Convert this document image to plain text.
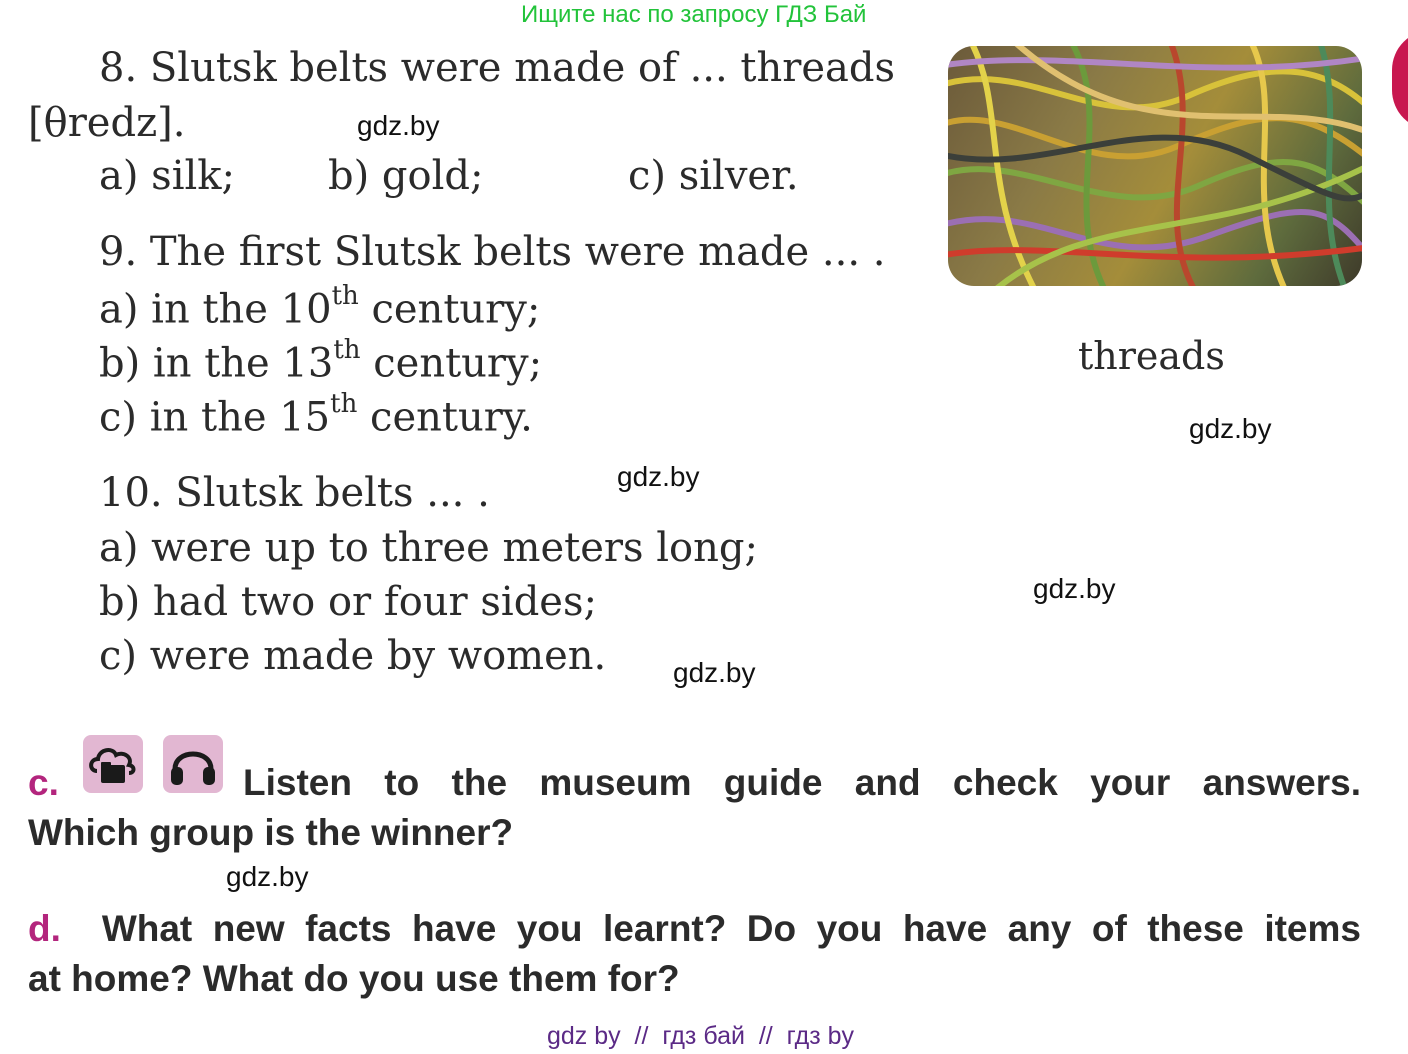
Ищите нас по запросу ГДЗ Бай
8. Slutsk belts were made of ... threads
[θredz].
a) silk; b) gold;	c) silver.
9. The first Slutsk belts were made ... .
a) in the 10th century;
b) in the 13th century;
c) in the 15th century.
10. Slutsk belts ... .
a) were up to three meters long;
b) had two or four sides;
c) were made by women.
threads
gdz.by
gdz.by
gdz.by
gdz.by
gdz.by
gdz.by
c.	Listen to the museum guide and check your answers.
Which group is the winner?
d. What new facts have you learnt? Do you have any of these items
at home? What do you use them for?
gdz by  //  гдз бай  //  гдз by
